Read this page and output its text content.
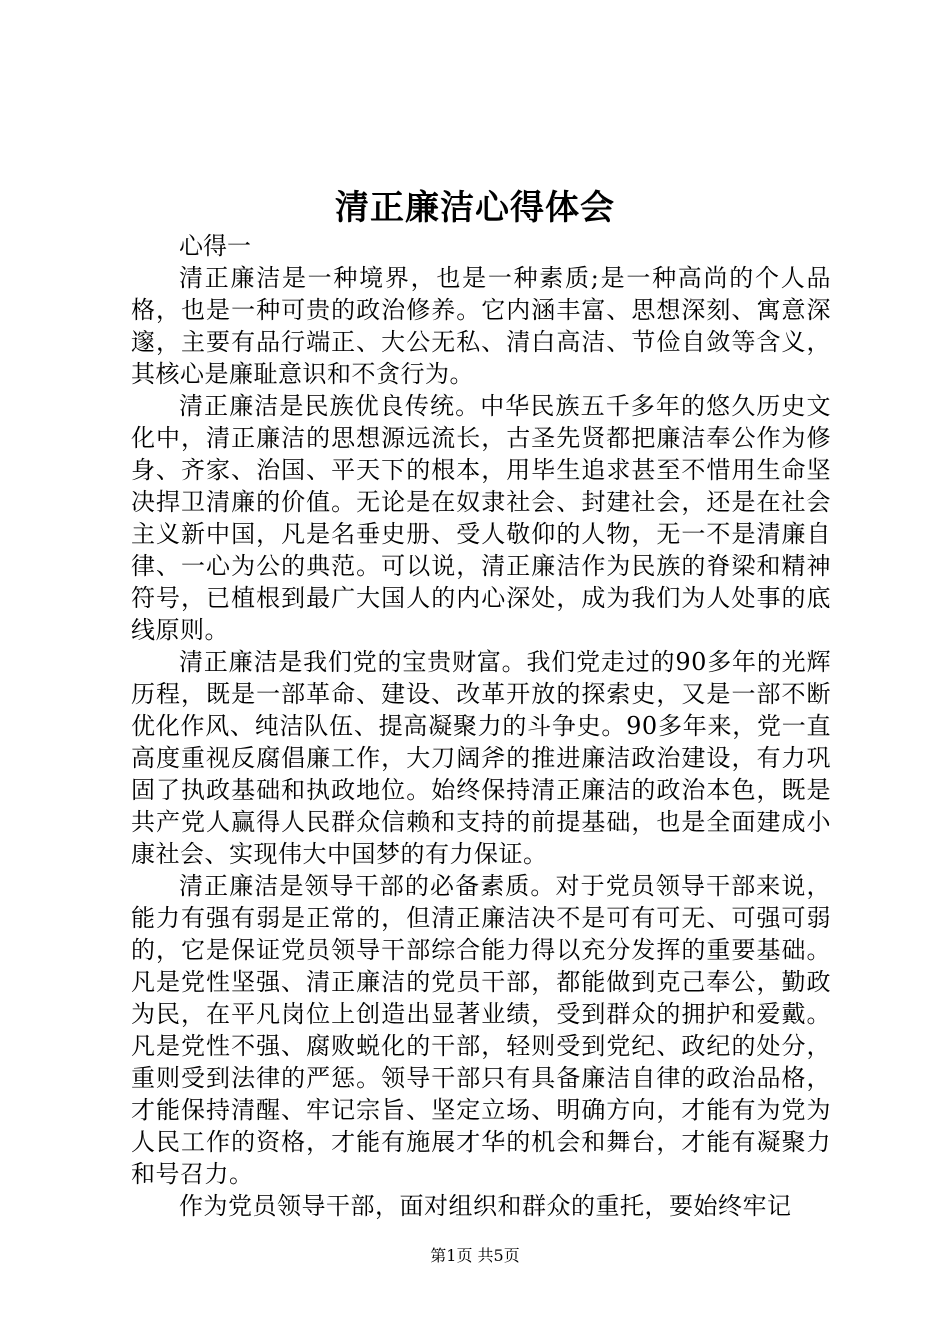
清正廉洁心得体会

心得一

清正廉洁是一种境界，也是一种素质;是一种高尚的个人品格，也是一种可贵的政治修养。它内涵丰富、思想深刻、寓意深邃，主要有品行端正、大公无私、清白高洁、节俭自敛等含义，其核心是廉耻意识和不贪行为。

清正廉洁是民族优良传统。中华民族五千多年的悠久历史文化中，清正廉洁的思想源远流长，古圣先贤都把廉洁奉公作为修身、齐家、治国、平天下的根本，用毕生追求甚至不惜用生命坚决捍卫清廉的价值。无论是在奴隶社会、封建社会，还是在社会主义新中国，凡是名垂史册、受人敬仰的人物，无一不是清廉自律、一心为公的典范。可以说，清正廉洁作为民族的脊梁和精神符号，已植根到最广大国人的内心深处，成为我们为人处事的底线原则。

清正廉洁是我们党的宝贵财富。我们党走过的90多年的光辉历程，既是一部革命、建设、改革开放的探索史，又是一部不断优化作风、纯洁队伍、提高凝聚力的斗争史。90多年来，党一直高度重视反腐倡廉工作，大刀阔斧的推进廉洁政治建设，有力巩固了执政基础和执政地位。始终保持清正廉洁的政治本色，既是共产党人赢得人民群众信赖和支持的前提基础，也是全面建成小康社会、实现伟大中国梦的有力保证。

清正廉洁是领导干部的必备素质。对于党员领导干部来说，能力有强有弱是正常的，但清正廉洁决不是可有可无、可强可弱的，它是保证党员领导干部综合能力得以充分发挥的重要基础。凡是党性坚强、清正廉洁的党员干部，都能做到克己奉公，勤政为民，在平凡岗位上创造出显著业绩，受到群众的拥护和爱戴。凡是党性不强、腐败蜕化的干部，轻则受到党纪、政纪的处分，重则受到法律的严惩。领导干部只有具备廉洁自律的政治品格，才能保持清醒、牢记宗旨、坚定立场、明确方向，才能有为党为人民工作的资格，才能有施展才华的机会和舞台，才能有凝聚力和号召力。

作为党员领导干部，面对组织和群众的重托，要始终牢记

第1页 共5页
